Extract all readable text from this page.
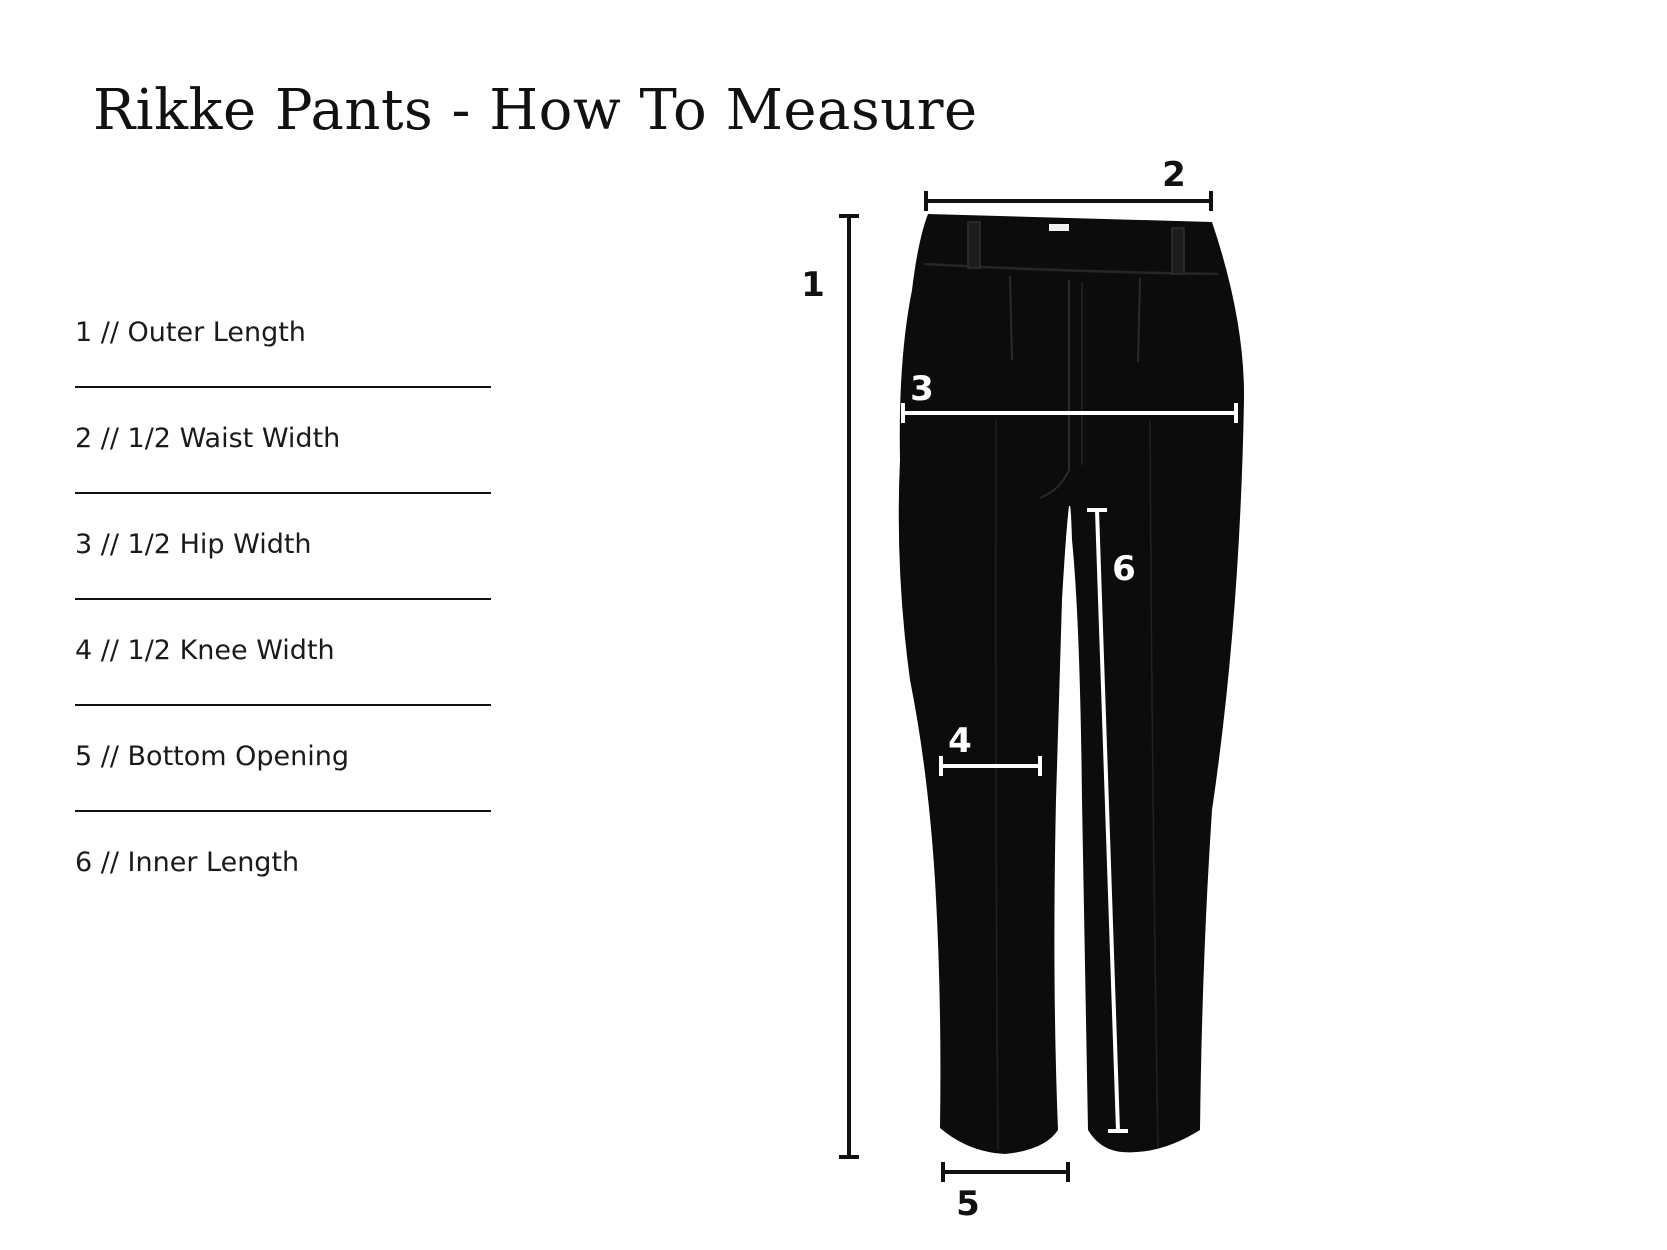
Rikke Pants - How To Measure
1 // Outer Length
2 // 1/2 Waist Width
3 // 1/2 Hip Width
4 // 1/2 Knee Width
5 // Bottom Opening
6 // Inner Length
1
2
3
4
5
6
